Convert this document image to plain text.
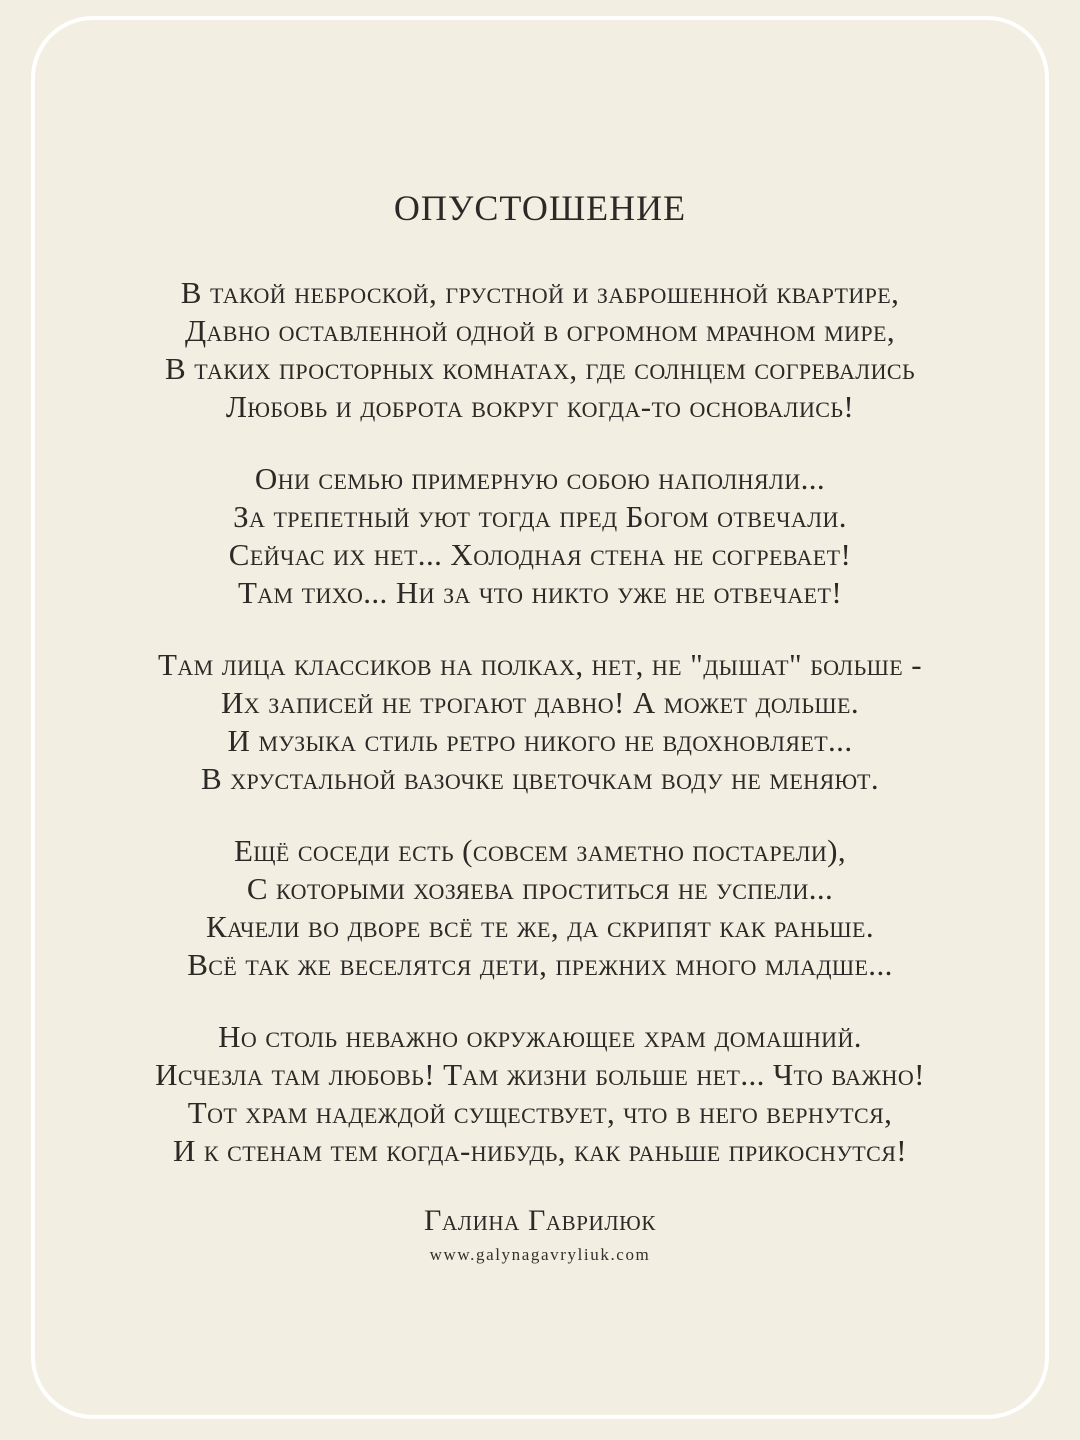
ОПУСТОШЕНИЕ

В такой неброской, грустной и заброшенной квартире,

Давно оставленной одной в огромном мрачном мире,

В таких просторных комнатах, где солнцем согревались

Любовь и доброта вокруг когда-то основались!

Они семью примерную собою наполняли...

За трепетный уют тогда пред Богом отвечали.

Сейчас их нет... Холодная стена не согревает!

Там тихо... Ни за что никто уже не отвечает!

Там лица классиков на полках, нет, не "дышат" больше -

Их записей не трогают давно! А может дольше.

И музыка стиль ретро никого не вдохновляет...

В хрустальной вазочке цветочкам воду не меняют.

Ещё соседи есть (совсем заметно постарели),

С которыми хозяева проститься не успели...

Качели во дворе всё те же, да скрипят как раньше.

Всё так же веселятся дети, прежних много младше...

Но столь неважно окружающее храм домашний.

Исчезла там любовь! Там жизни больше нет... Что важно!

Тот храм надеждой существует, что в него вернутся,

И к стенам тем когда-нибудь, как раньше прикоснутся!

Галина Гаврилюк

www.galynagavryliuk.com
